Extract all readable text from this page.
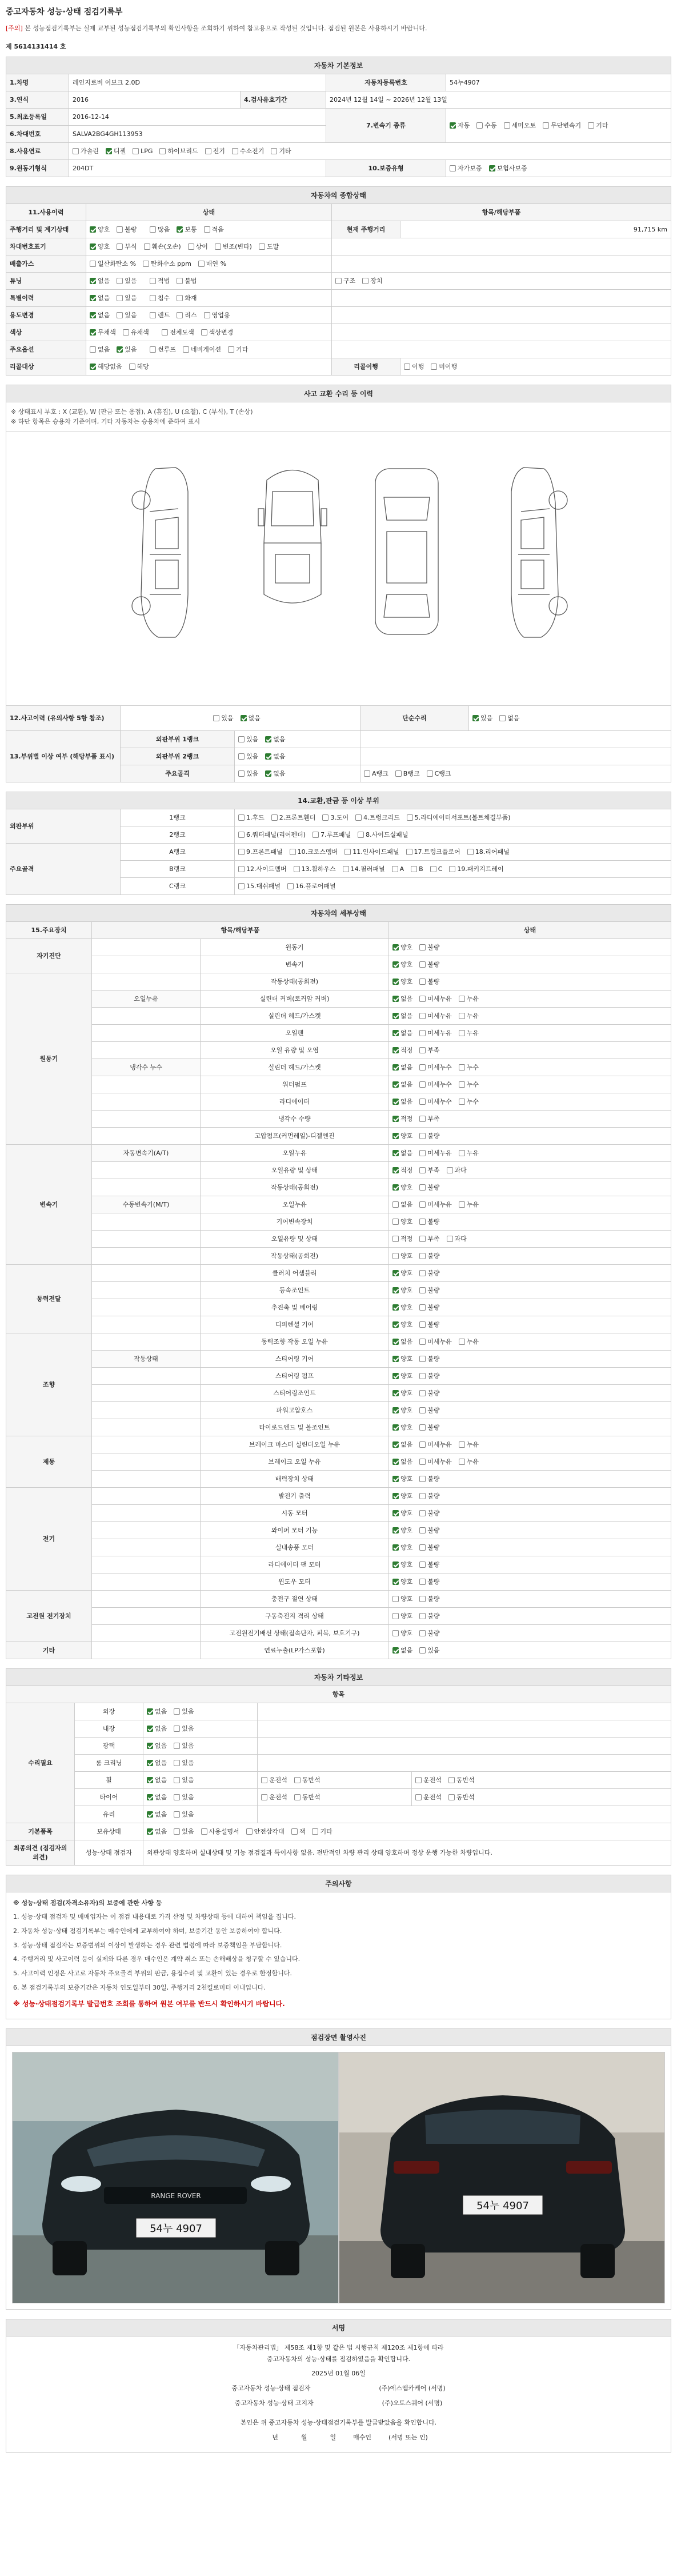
중고자동차 성능·상태 점검기록부
[주의] 본 성능점검기록부는 실제 교부된 성능점검기록부의 확인사항을 조회하기 위하여 참고용으로 작성된 것입니다. 점검된 원본은 사용하시기 바랍니다.
제 5614131414 호
자동차 기본정보				
1.차명	레인지로버 이보크 2.0D		자동차등록번호	54누4907
3.연식	2016	4.검사유효기간	2024년 12월 14일 ~ 2026년 12월 13일	
5.최초등록일	2016-12-14		7.변속기 종류	자동 수동 세미오토 무단변속기 기타
6.차대번호	SALVA2BG4GH113953			
8.사용연료	가솔린 디젤 LPG 하이브리드 전기 수소전기 기타			
9.원동기형식	204DT		10.보증유형	자가보증 보험사보증
자동차의 종합상태			
11.사용이력	상태	항목/해당부품	
주행거리 및 계기상태	양호 불량 많음 보통 적음	현재 주행거리	91,715 km
차대번호표기	양호 부식 훼손(오손) 상이 변조(변타) 도말		
배출가스	일산화탄소 % 탄화수소 ppm 매연 %		
튜닝	없음 있음 적법 불법	구조 장치	
특별이력	없음 있음 침수 화재		
용도변경	없음 있음 렌트 리스 영업용		
색상	무채색 유채색 전체도색 색상변경		
주요옵션	없음 있음 썬루프 네비게이션 기타		
리콜대상	해당없음 해당	리콜이행	이행 미이행
사고 교환 수리 등 이력				

※ 상태표시 부호 : X (교환), W (판금 또는 용접), A (흠집), U (요철), C (부식), T (손상)
※ 하단 항목은 승용차 기준이며, 기타 자동차는 승용차에 준하여 표시				

12.사고이력 (유의사항 5항 참조)	있음 없음		단순수리	있음 없음
13.부위별 이상 여부 (해당부품 표시)	외판부위 1랭크	있음 없음		
	외판부위 2랭크	있음 없음		
	주요골격	있음 없음	A랭크 B랭크 C랭크	
14.교환,판금 등 이상 부위		
외판부위	1랭크	1.후드 2.프론트휀더 3.도어 4.트렁크리드 5.라디에이터서포트(볼트체결부품)
	2랭크	6.쿼터패널(리어펜더) 7.루프패널 8.사이드실패널
주요골격	A랭크	9.프론트패널 10.크로스멤버 11.인사이드패널 17.트렁크플로어 18.리어패널
	B랭크	12.사이드멤버 13.휠하우스 14.필러패널 A B C 19.패키지트레이
	C랭크	15.대쉬패널 16.플로어패널
자동차의 세부상태			
15.주요장치	항목/해당부품		상태
자기진단		원동기	양호 불량
		변속기	양호 불량
원동기		작동상태(공회전)	양호 불량
	오일누유	실린더 커버(로커암 커버)	없음 미세누유 누유
		실린더 헤드/가스켓	없음 미세누유 누유
		오일팬	없음 미세누유 누유
		오일 유량 및 오염	적정 부족
	냉각수 누수	실린더 헤드/가스켓	없음 미세누수 누수
		워터펌프	없음 미세누수 누수
		라디에이터	없음 미세누수 누수
		냉각수 수량	적정 부족
		고압펌프(커먼레일)-디젤엔진	양호 불량
변속기	자동변속기(A/T)	오일누유	없음 미세누유 누유
		오일유량 및 상태	적정 부족 과다
		작동상태(공회전)	양호 불량
	수동변속기(M/T)	오일누유	없음 미세누유 누유
		기어변속장치	양호 불량
		오일유량 및 상태	적정 부족 과다
		작동상태(공회전)	양호 불량
동력전달		클러치 어셈블리	양호 불량
		등속조인트	양호 불량
		추진축 및 베어링	양호 불량
		디퍼렌셜 기어	양호 불량
조향		동력조향 작동 오일 누유	없음 미세누유 누유
	작동상태	스티어링 기어	양호 불량
		스티어링 펌프	양호 불량
		스티어링조인트	양호 불량
		파워고압호스	양호 불량
		타이로드엔드 및 볼조인트	양호 불량
제동		브레이크 마스터 실린더오일 누유	없음 미세누유 누유
		브레이크 오일 누유	없음 미세누유 누유
		배력장치 상태	양호 불량
전기		발전기 출력	양호 불량
		시동 모터	양호 불량
		와이퍼 모터 기능	양호 불량
		실내송풍 모터	양호 불량
		라디에이터 팬 모터	양호 불량
		윈도우 모터	양호 불량
고전원 전기장치		충전구 절연 상태	양호 불량
		구동축전지 격리 상태	양호 불량
		고전원전기배선 상태(접속단자, 피복, 보호기구)	양호 불량
기타		연료누출(LP가스포함)	없음 있음
자동차 기타정보				
항목				
수리필요	외장	없음 있음		
	내장	없음 있음		
	광택	없음 있음		
	룸 크리닝	없음 있음		
	휠	없음 있음	운전석 동반석	운전석 동반석
	타이어	없음 있음	운전석 동반석	운전석 동반석
	유리	없음 있음		
기본품목	보유상태	없음 있음 사용설명서 안전삼각대 잭 기타		
최종의견 (점검자의 의견)	성능·상태 점검자	외관상태 양호하며 실내상태 및 기능 점검결과 특이사항 없음. 전반적인 차량 관리 상태 양호하며 정상 운행 가능한 차량입니다.		
주의사항

※ 성능·상태 점검(자격소유자)의 보증에 관한 사항 등

1. 성능·상태 점검자 및 매매업자는 이 점검 내용대로 가격 산정 및 차량상태 등에 대하여 책임을 집니다.

2. 자동차 성능·상태 점검기록부는 매수인에게 교부하여야 하며, 보증기간 동안 보증하여야 합니다.

3. 성능·상태 점검자는 보증범위의 이상이 발생하는 경우 관련 법령에 따라 보증책임을 부담합니다.

4. 주행거리 및 사고이력 등이 실제와 다른 경우 매수인은 계약 취소 또는 손해배상을 청구할 수 있습니다.

5. 사고이력 인정은 사고로 자동차 주요골격 부위의 판금, 용접수리 및 교환이 있는 경우로 한정합니다.

6. 본 점검기록부의 보증기간은 자동차 인도일부터 30일, 주행거리 2천킬로미터 이내입니다.

※ 성능·상태점검기록부 발급번호 조회를 통하여 원본 여부를 반드시 확인하시기 바랍니다.

점검장면 촬영사진

RANGE ROVER
54누 4907
54누 4907
서명

「자동차관리법」 제58조 제1항 및 같은 법 시행규칙 제120조 제1항에 따라
중고자동차의 성능·상태를 점검하였음을 확인합니다.
2025년 01월 06일
중고자동차 성능·상태 점검자	(주)에스엠카케어 (서명)
중고자동차 성능·상태 고지자	(주)오토스퀘어 (서명)
본인은 위 중고자동차 성능·상태점검기록부를 발급받았음을 확인합니다.
년	월	일	매수인	(서명 또는 인)
